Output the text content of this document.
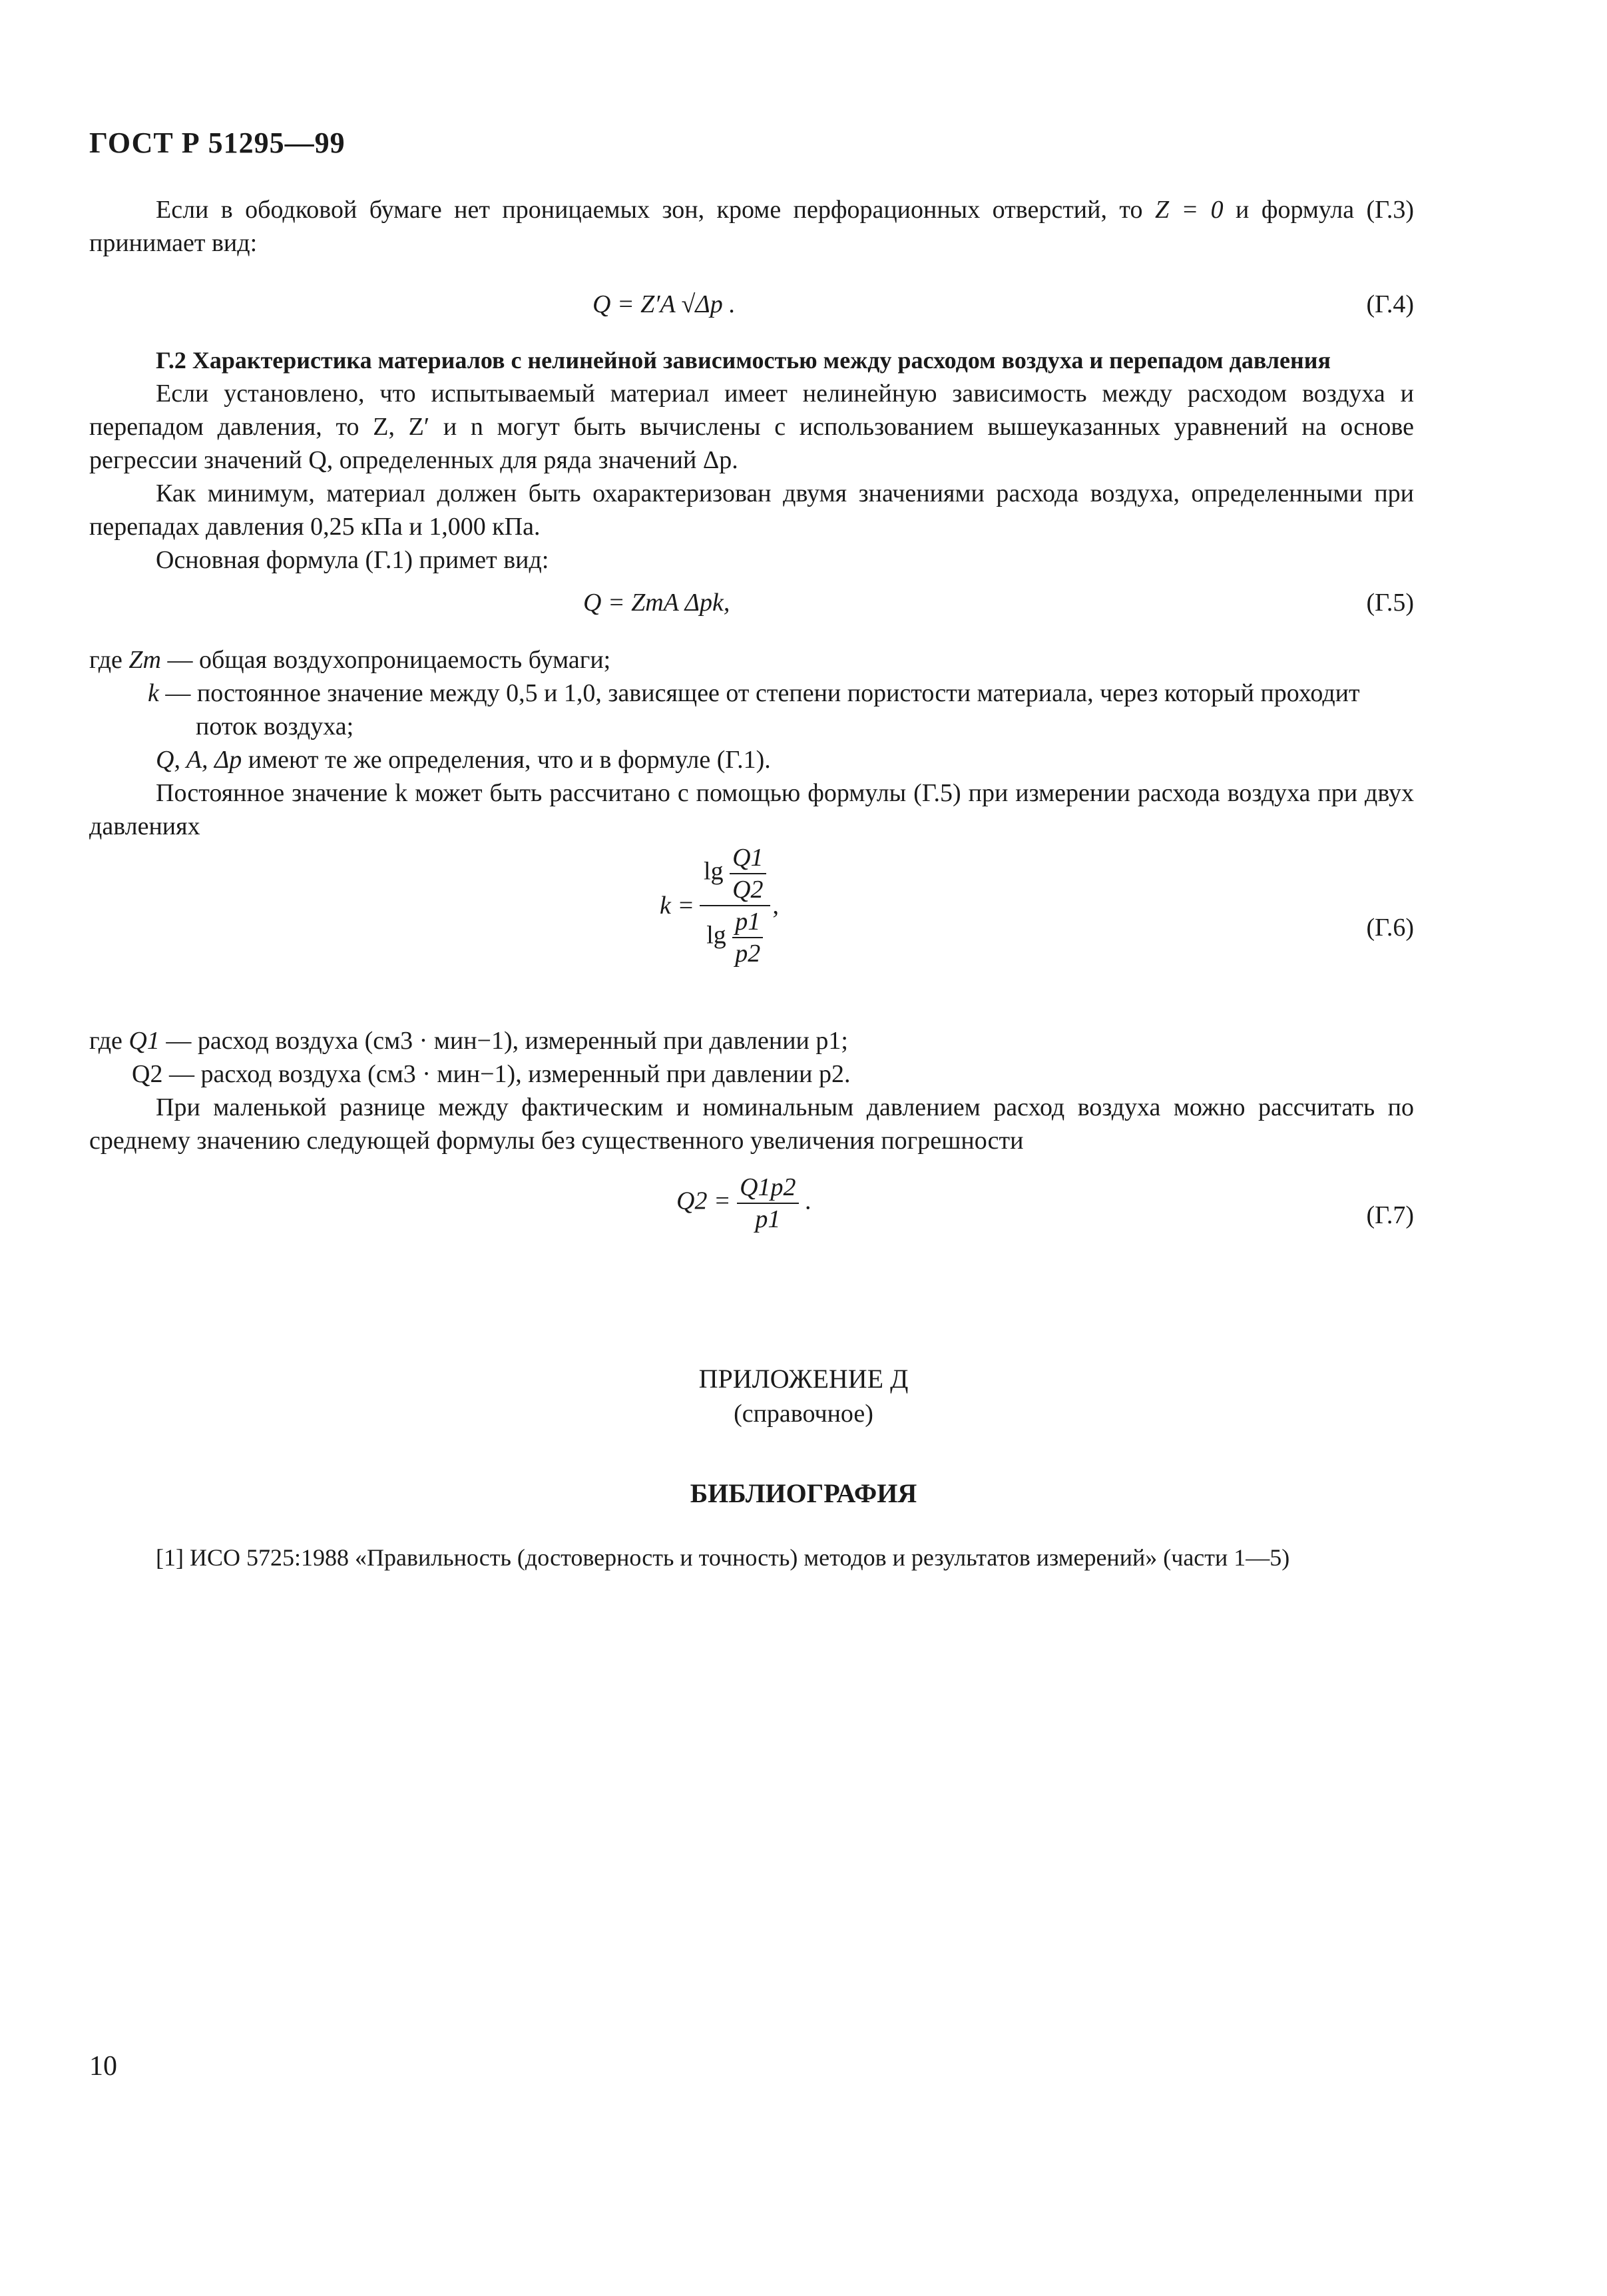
ГОСТ Р 51295—99

Если в ободковой бумаге нет проницаемых зон, кроме перфорационных отверстий, то Z = 0 и формула (Г.3) принимает вид:

Q = Z′A √Δp .	(Г.4)

Г.2 Характеристика материалов с нелинейной зависимостью между расходом воздуха и перепадом давления

Если установлено, что испытываемый материал имеет нелинейную зависимость между расходом воздуха и перепадом давления, то Z, Z′ и n могут быть вычислены с использованием вышеуказанных уравнений на основе регрессии значений Q, определенных для ряда значений Δp.

Как минимум, материал должен быть охарактеризован двумя значениями расхода воздуха, определенными при перепадах давления 0,25 кПа и 1,000 кПа.

Основная формула (Г.1) примет вид:

Q = ZтA Δpk,	(Г.5)

где Zт — общая воздухопроницаемость бумаги;

k — постоянное значение между 0,5 и 1,0, зависящее от степени пористости материала, через который проходит поток воздуха;

Q, A, Δp имеют те же определения, что и в формуле (Г.1).

Постоянное значение k может быть рассчитано с помощью формулы (Г.5) при измерении расхода воздуха при двух давлениях

k =	$\lg \frac{Q1}{Q2}$
	,
$\lg \frac{p1}{p2}$	(Г.6)

где Q1 — расход воздуха (см3 · мин−1), измеренный при давлении p1;

Q2 — расход воздуха (см3 · мин−1), измеренный при давлении p2.

При маленькой разнице между фактическим и номинальным давлением расход воздуха можно рассчитать по среднему значению следующей формулы без существенного увеличения погрешности

$Q2 = \frac{Q1p2}{p1}$ .
(Г.7)
ПРИЛОЖЕНИЕ Д
(справочное)
БИБЛИОГРАФИЯ

[1] ИСО 5725:1988 «Правильность (достоверность и точность) методов и результатов измерений» (части 1—5)

10
